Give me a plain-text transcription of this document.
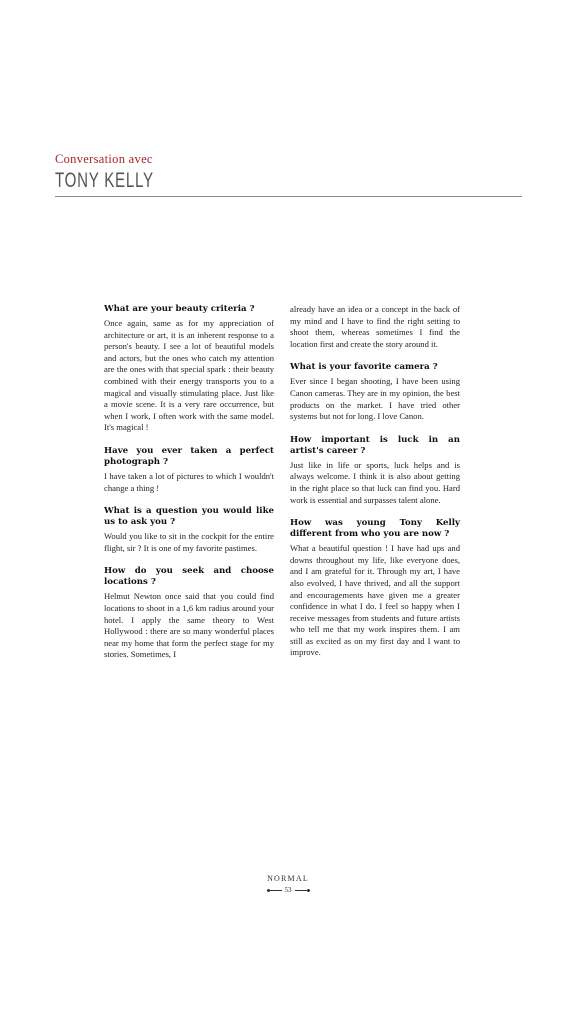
Conversation avec
TONY KELLY

What are your beauty criteria ?

Once again, same as for my appreciation of architecture or art, it is an inherent response to a person's beauty. I see a lot of beautiful models and actors, but the ones who catch my attention are the ones with that special spark : their beauty combined with their energy transports you to a magical and visually stimulating place. Just like a movie scene. It is a very rare occurrence, but when I work, I often work with the same model. It's magical !

Have you ever taken a perfect photograph ?

I have taken a lot of pictures to which I wouldn't change a thing !

What is a question you would like us to ask you ?

Would you like to sit in the cockpit for the entire flight, sir ? It is one of my favorite pastimes.

How do you seek and choose locations ?

Helmut Newton once said that you could find locations to shoot in a 1,6 km radius around your hotel. I apply the same theory to West Hollywood : there are so many wonderful places near my home that form the perfect stage for my stories. Sometimes, I

already have an idea or a concept in the back of my mind and I have to find the right setting to shoot them, whereas sometimes I find the location first and create the story around it.

What is your favorite camera ?

Ever since I began shooting, I have been using Canon cameras. They are in my opinion, the best products on the market. I have tried other systems but not for long. I love Canon.

How important is luck in an artist's career ?

Just like in life or sports, luck helps and is always welcome. I think it is also about getting in the right place so that luck can find you. Hard work is essential and surpasses talent alone.

How was young Tony Kelly different from who you are now ?

What a beautiful question ! I have had ups and downs throughout my life, like everyone does, and I am grateful for it. Through my art, I have also evolved, I have thrived, and all the support and encouragements have given me a greater confidence in what I do. I feel so happy when I receive messages from students and future artists who tell me that my work inspires them. I am still as excited as on my first day and I want to improve.

NORMAL
53
